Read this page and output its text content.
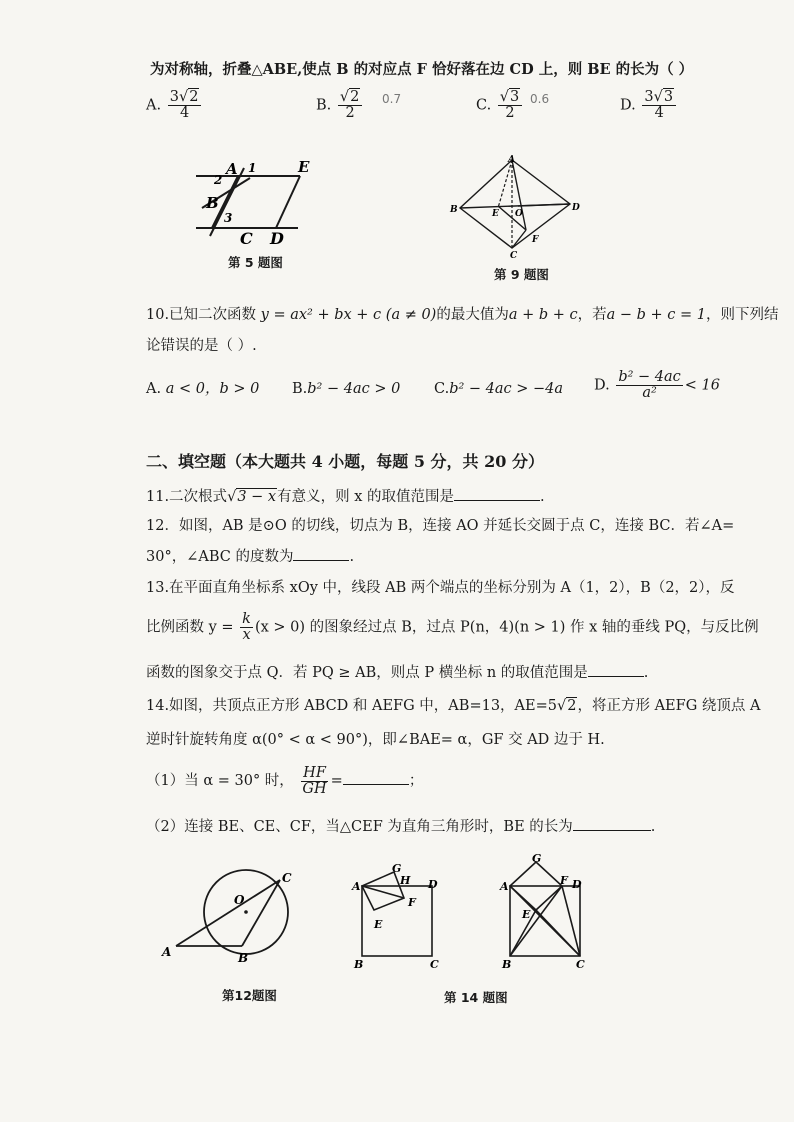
为对称轴，折叠△ABE,使点 B 的对应点 F 恰好落在边 CD 上，则 BE 的长为（ ）
A. $\frac{3√2}{4}$	B. $\frac{√2}{2} 0.7$	C. $\frac{√3}{2} 0.6$	D. $\frac{3√3}{4}$
A 1	E
2
B
3
C D
第 5 题图
A
B	E O
D
F
C
第 9 题图
10.已知二次函数 y = ax² + bx + c (a ≠ 0)的最大值为a + b + c，若a − b + c = 1，则下列结
论错误的是（ ）.
A. a < 0，b > 0 B.b² − 4ac > 0 C.b² − 4ac > −4a D. $\frac{\text{b² − 4ac}}{\text{a²}} < 16$
二、填空题（本大题共 4 小题，每题 5 分，共 20 分）
11.二次根式√3 − x有意义，则 x 的取值范围是	.
12．如图，AB 是⊙O 的切线，切点为 B，连接 AO 并延长交圆于点 C，连接 BC．若∠A=
30°，∠ABC 的度数为	.
13.在平面直角坐标系 xOy 中，线段 AB 两个端点的坐标分别为 A（1，2），B（2，2），反
比例函数 $y = \frac{k}{x} (x > 0)$ 的图象经过点 B，过点 P(n，4)(n > 1) 作 x 轴的垂线 PQ，与反比例
函数的图象交于点 Q．若 PQ ≥ AB，则点 P 横坐标 n 的取值范围是	.
14.如图，共顶点正方形 ABCD 和 AEFG 中，AB=13，AE=5√2，将正方形 AEFG 绕顶点 A
逆时针旋转角度 α(0° < α < 90°)，即∠BAE= α，GF 交 AD 边于 H.
（1）当 α = 30° 时， $\frac{HF}{GH}$ =	；
（2）连接 BE、CE、CF，当△CEF 为直角三角形时，BE 的长为	.
O
C
A	B
第12题图
G
H
A	D
F
E
B	C
G
A	F D
E
B	C
第 14 题图
